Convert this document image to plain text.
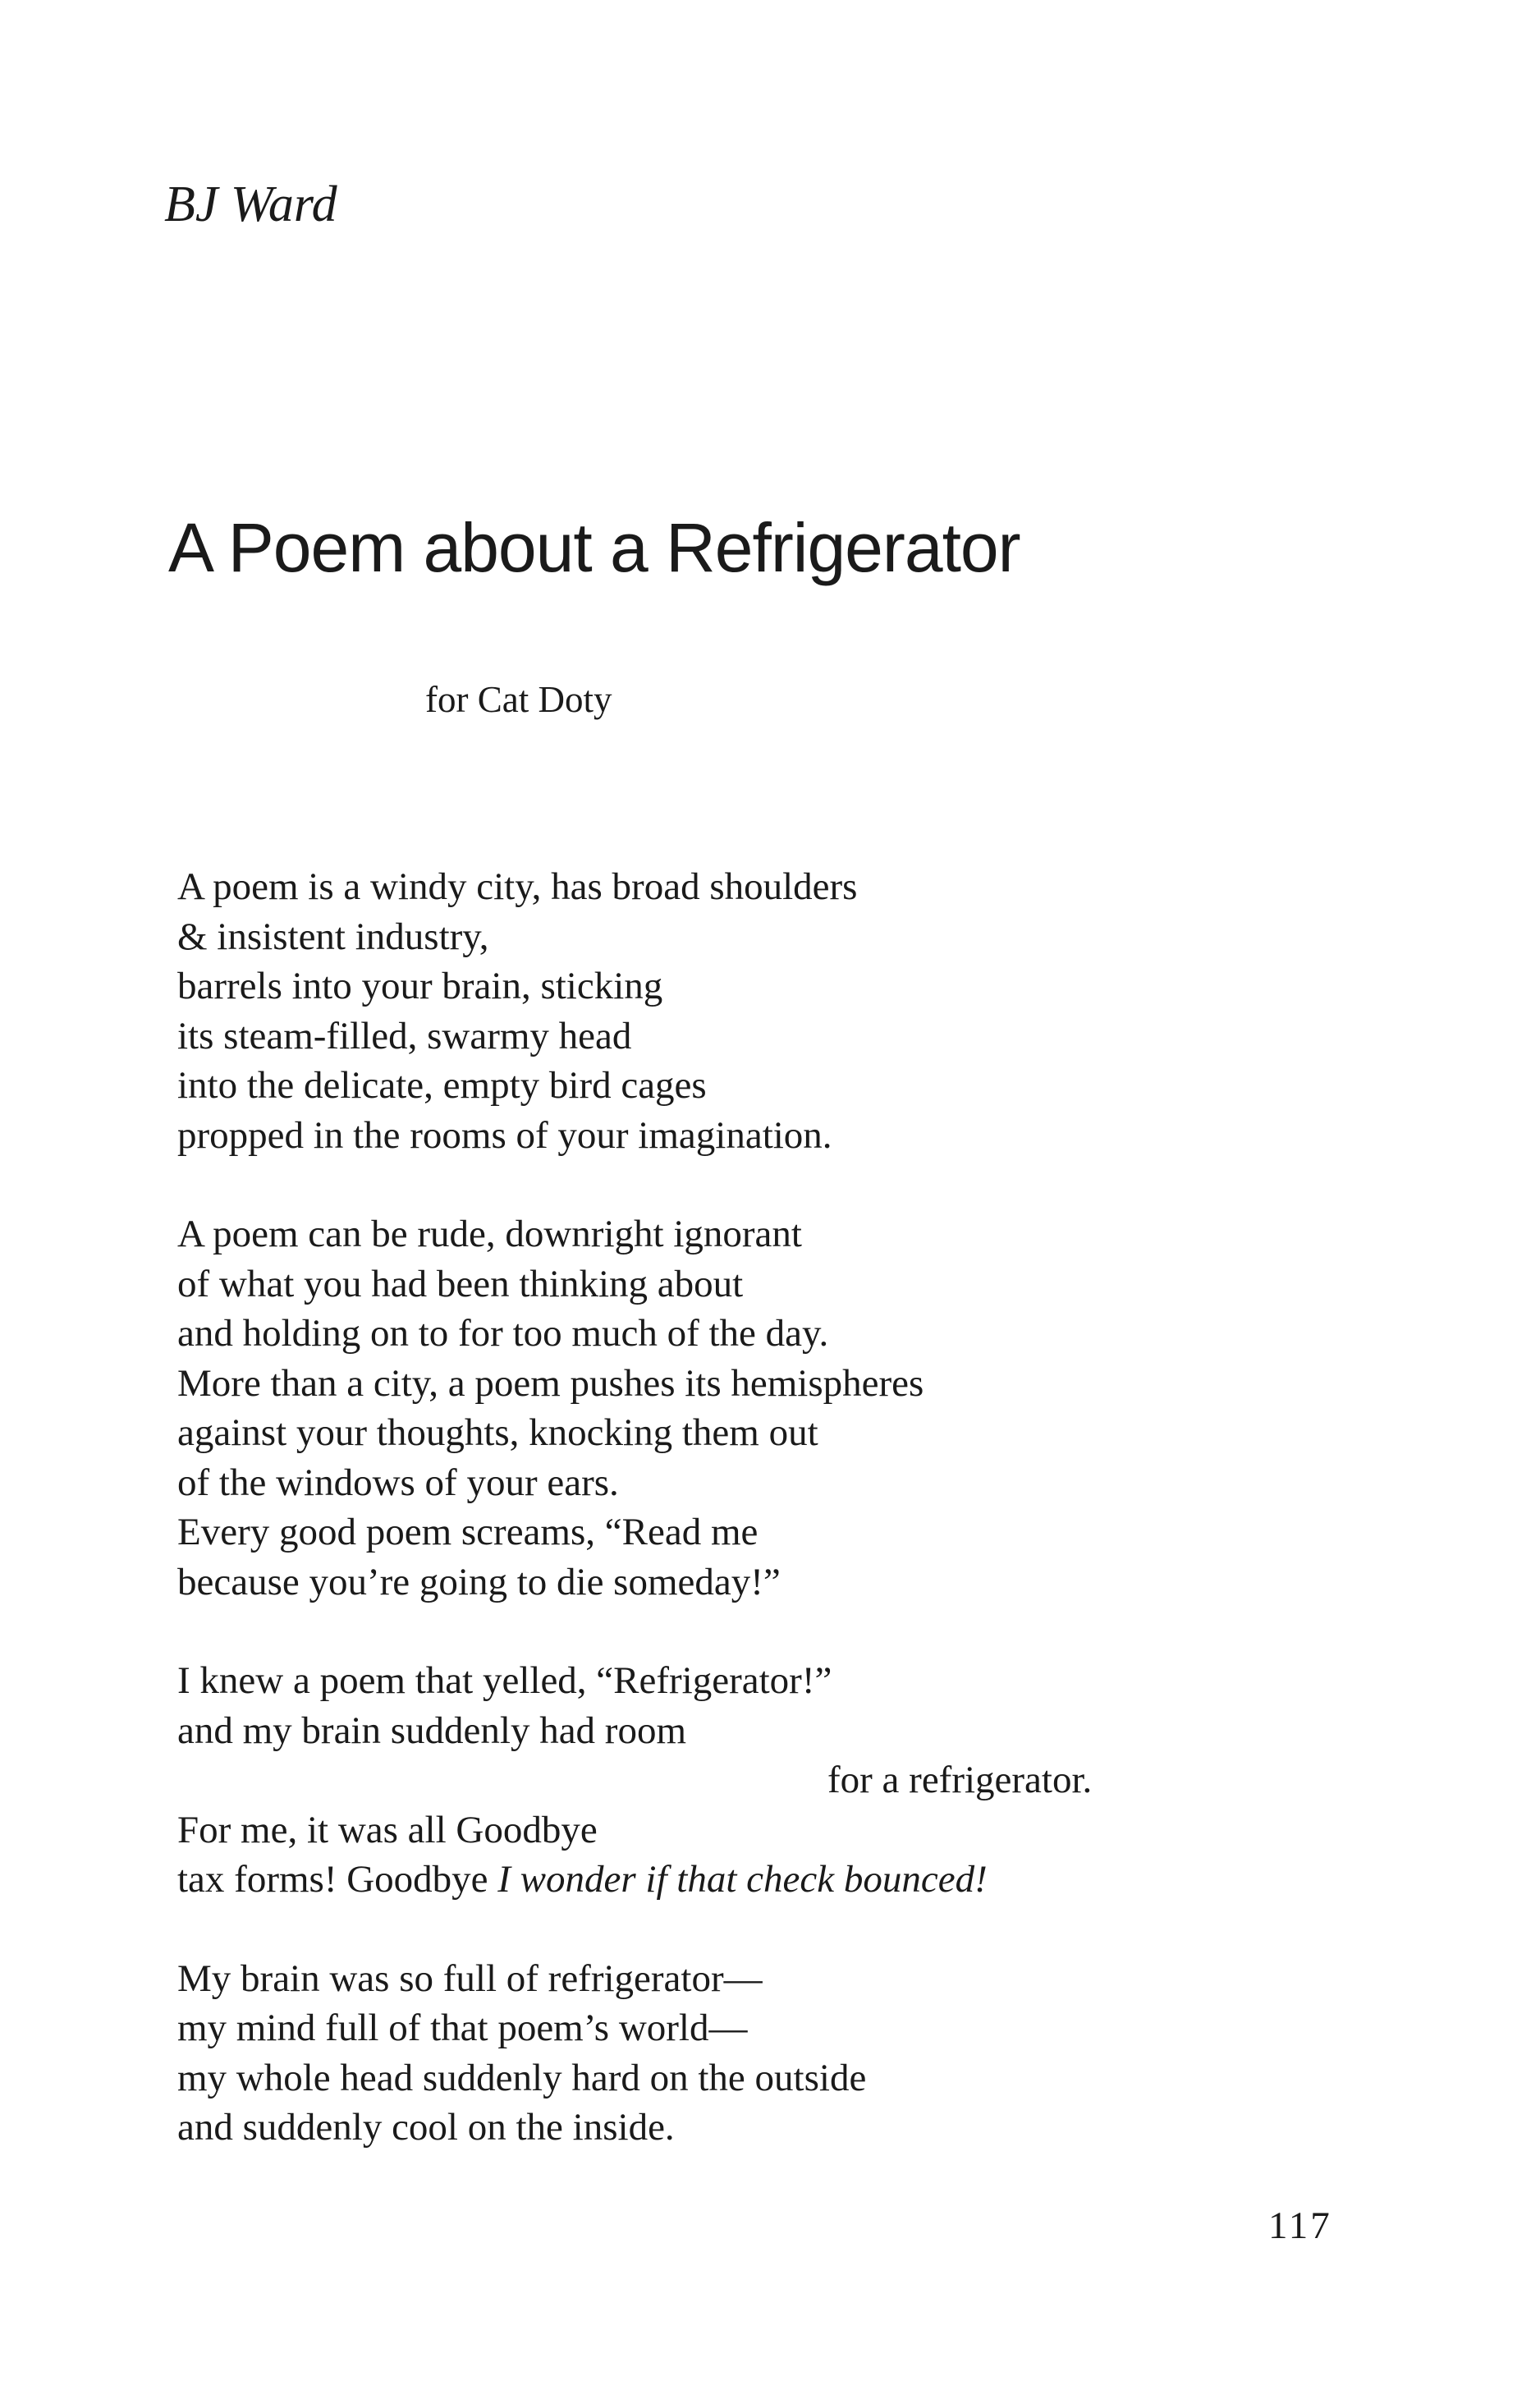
BJ Ward
A Poem about a Refrigerator

for Cat Doty

A poem is a windy city, has broad shoulders
& insistent industry,
barrels into your brain, sticking
its steam-filled, swarmy head
into the delicate, empty bird cages
propped in the rooms of your imagination.
A poem can be rude, downright ignorant
of what you had been thinking about
and holding on to for too much of the day.
More than a city, a poem pushes its hemispheres
against your thoughts, knocking them out
of the windows of your ears.
Every good poem screams, “Read me
because you’re going to die someday!”
I knew a poem that yelled, “Refrigerator!”
and my brain suddenly had room
for a refrigerator.
For me, it was all Goodbye
tax forms! Goodbye I wonder if that check bounced!
My brain was so full of refrigerator—
my mind full of that poem’s world—
my whole head suddenly hard on the outside
and suddenly cool on the inside.

117
